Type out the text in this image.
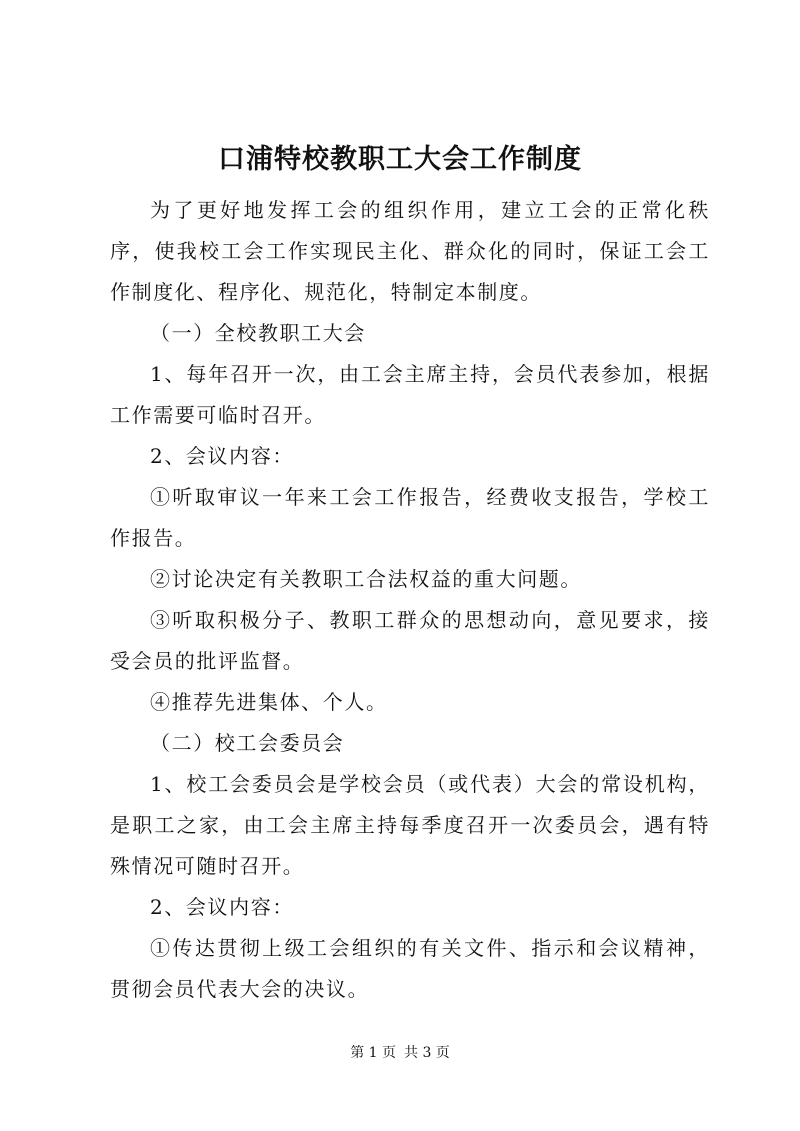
口浦特校教职工大会工作制度

为了更好地发挥工会的组织作用，建立工会的正常化秩序，使我校工会工作实现民主化、群众化的同时，保证工会工作制度化、程序化、规范化，特制定本制度。

（一）全校教职工大会

1、每年召开一次，由工会主席主持，会员代表参加，根据工作需要可临时召开。

2、会议内容：

①听取审议一年来工会工作报告，经费收支报告，学校工作报告。

②讨论决定有关教职工合法权益的重大问题。

③听取积极分子、教职工群众的思想动向，意见要求，接受会员的批评监督。

④推荐先进集体、个人。

（二）校工会委员会

1、校工会委员会是学校会员（或代表）大会的常设机构，是职工之家，由工会主席主持每季度召开一次委员会，遇有特殊情况可随时召开。

2、会议内容：

①传达贯彻上级工会组织的有关文件、指示和会议精神，贯彻会员代表大会的决议。

第 1 页 共 3 页
